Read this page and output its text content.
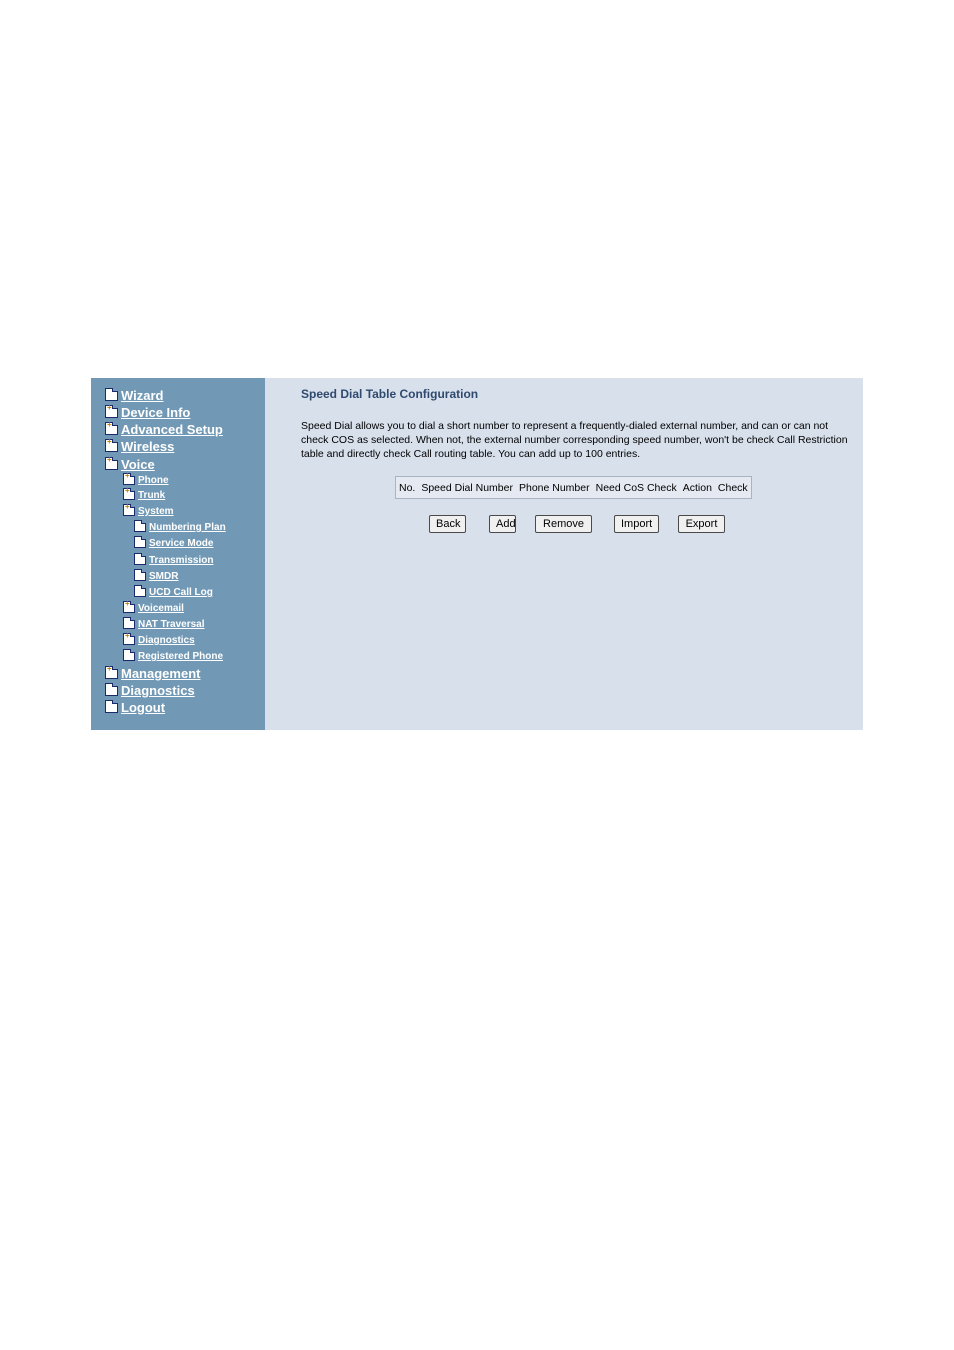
Wizard
+
Device Info
+
Advanced Setup
+
Wireless
+
Voice
+
Phone
+
Trunk
+
System
Numbering Plan
Service Mode
Transmission
SMDR
UCD Call Log
+
Voicemail
NAT Traversal
+
Diagnostics
Registered Phone
+
Management
Diagnostics
Logout
Speed Dial Table Configuration
Speed Dial allows you to dial a short number to represent a frequently-dialed external number, and can or can not check COS as selected. When not, the external number corresponding speed number, won't be check Call Restriction table and directly check Call routing table. You can add up to 100 entries.
No.	Speed Dial Number	Phone Number	Need CoS Check	Action	Check
Back	Add	Remove	Import	Export
